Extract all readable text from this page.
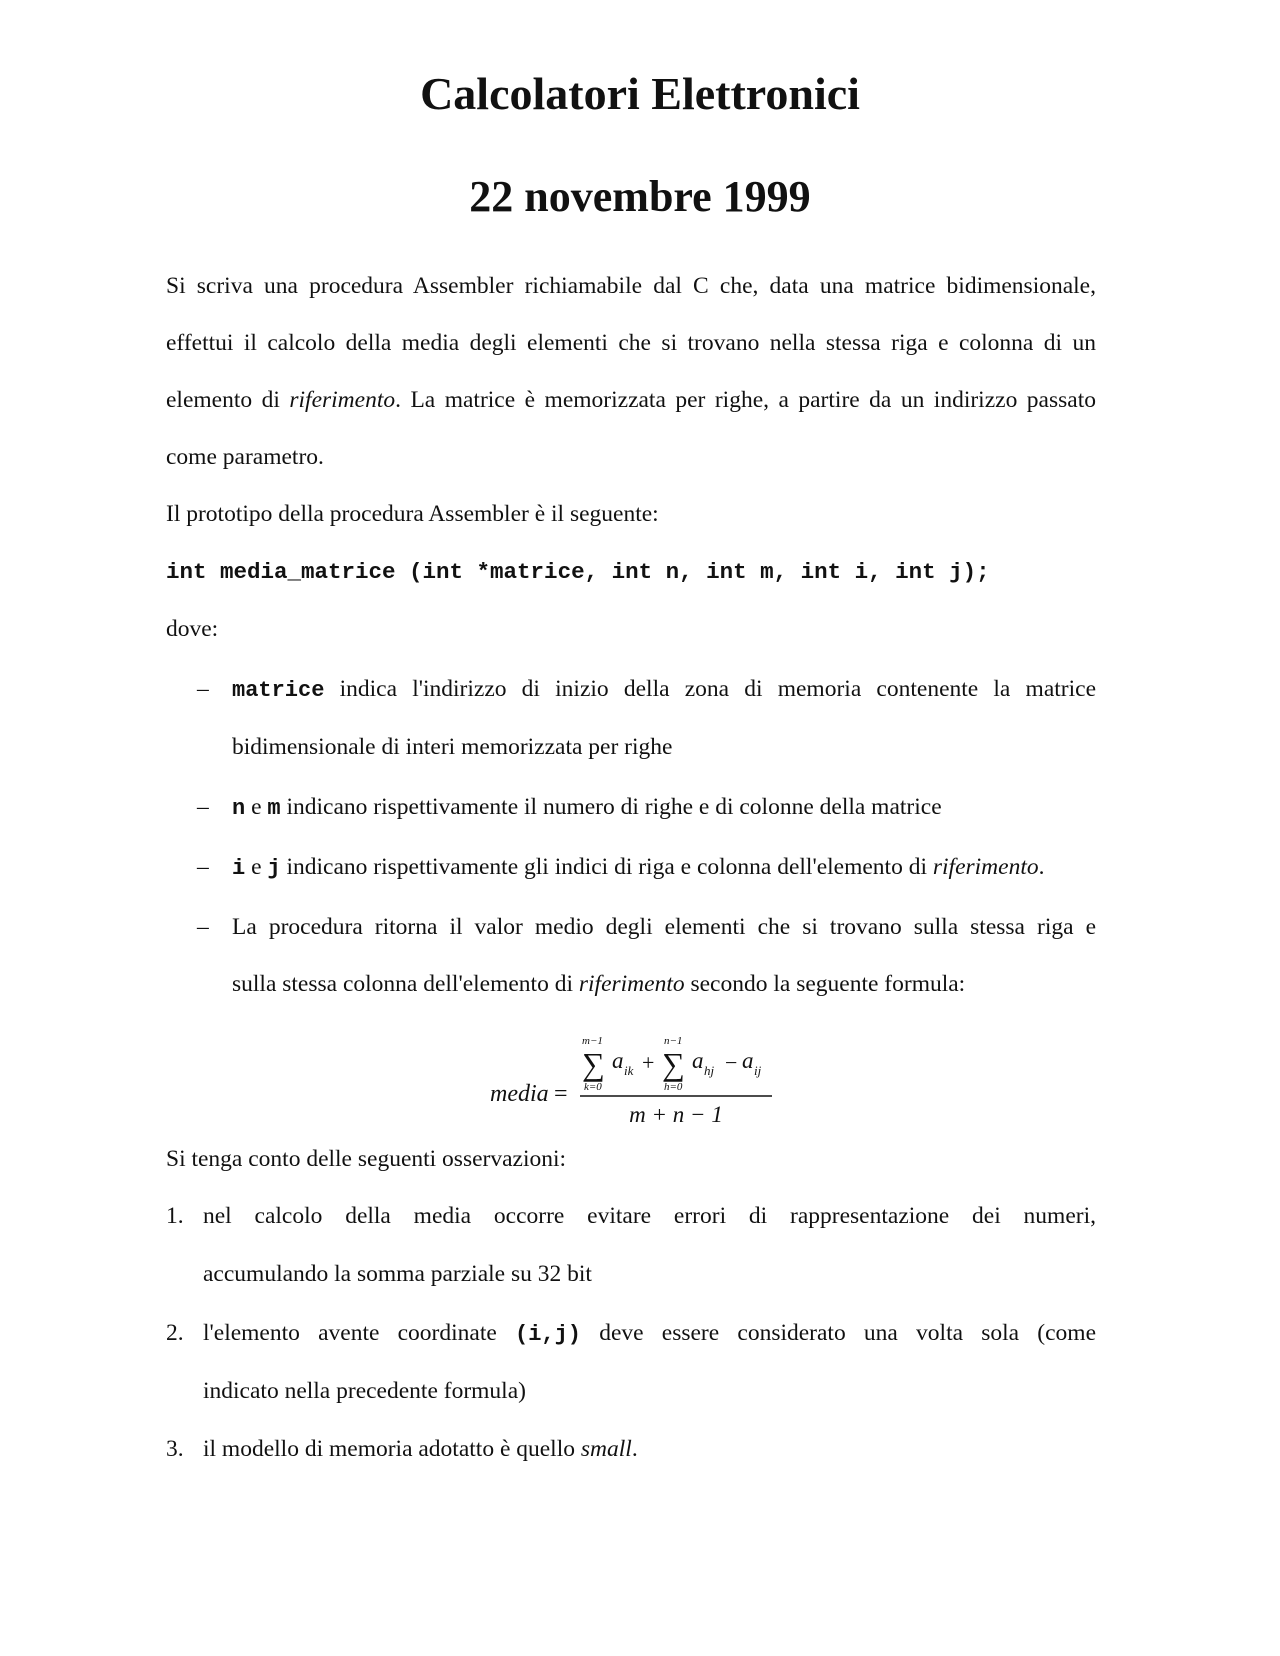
Calcolatori Elettronici
22 novembre 1999
Si scriva una procedura Assembler richiamabile dal C che, data una matrice bidimensionale,
effettui il calcolo della media degli elementi che si trovano nella stessa riga e colonna di un
elemento di riferimento. La matrice è memorizzata per righe, a partire da un indirizzo passato
come parametro.
Il prototipo della procedura Assembler è il seguente:
int media_matrice (int *matrice, int n, int m, int i, int j);
dove:
– matrice indica l'indirizzo di inizio della zona di memoria contenente la matrice
bidimensionale di interi memorizzata per righe
– n e m indicano rispettivamente il numero di righe e di colonne della matrice
– i e j indicano rispettivamente gli indici di riga e colonna dell'elemento di riferimento.
– La procedura ritorna il valor medio degli elementi che si trovano sulla stessa riga e
sulla stessa colonna dell'elemento di riferimento secondo la seguente formula:
media =
m−1
∑
k=0
a ik +
n−1
∑
h=0
a hj − a ij
m + n − 1
Si tenga conto delle seguenti osservazioni:
1. nel calcolo della media occorre evitare errori di rappresentazione dei numeri,
accumulando la somma parziale su 32 bit
2. l'elemento avente coordinate (i,j) deve essere considerato una volta sola (come
indicato nella precedente formula)
3. il modello di memoria adotatto è quello small.
